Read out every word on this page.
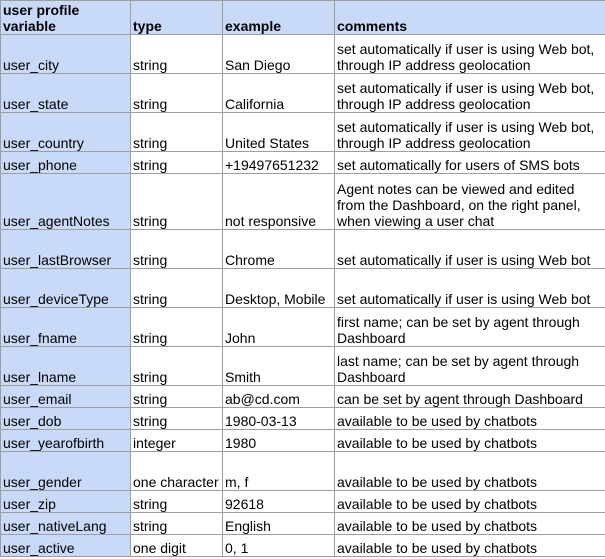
user profile variable	type	example	comments
user_city	string	San Diego	set automatically if user is using Web bot, through IP address geolocation
user_state	string	California	set automatically if user is using Web bot, through IP address geolocation
user_country	string	United States	set automatically if user is using Web bot, through IP address geolocation
user_phone	string	+19497651232	set automatically for users of SMS bots
user_agentNotes	string	not responsive	Agent notes can be viewed and edited from the Dashboard, on the right panel, when viewing a user chat
user_lastBrowser	string	Chrome	set automatically if user is using Web bot
user_deviceType	string	Desktop, Mobile	set automatically if user is using Web bot
user_fname	string	John	first name; can be set by agent through Dashboard
user_lname	string	Smith	last name; can be set by agent through Dashboard
user_email	string	ab@cd.com	can be set by agent through Dashboard
user_dob	string	1980-03-13	available to be used by chatbots
user_yearofbirth	integer	1980	available to be used by chatbots
user_gender	one character	m, f	available to be used by chatbots
user_zip	string	92618	available to be used by chatbots
user_nativeLang	string	English	available to be used by chatbots
user_active	one digit	0, 1	available to be used by chatbots
